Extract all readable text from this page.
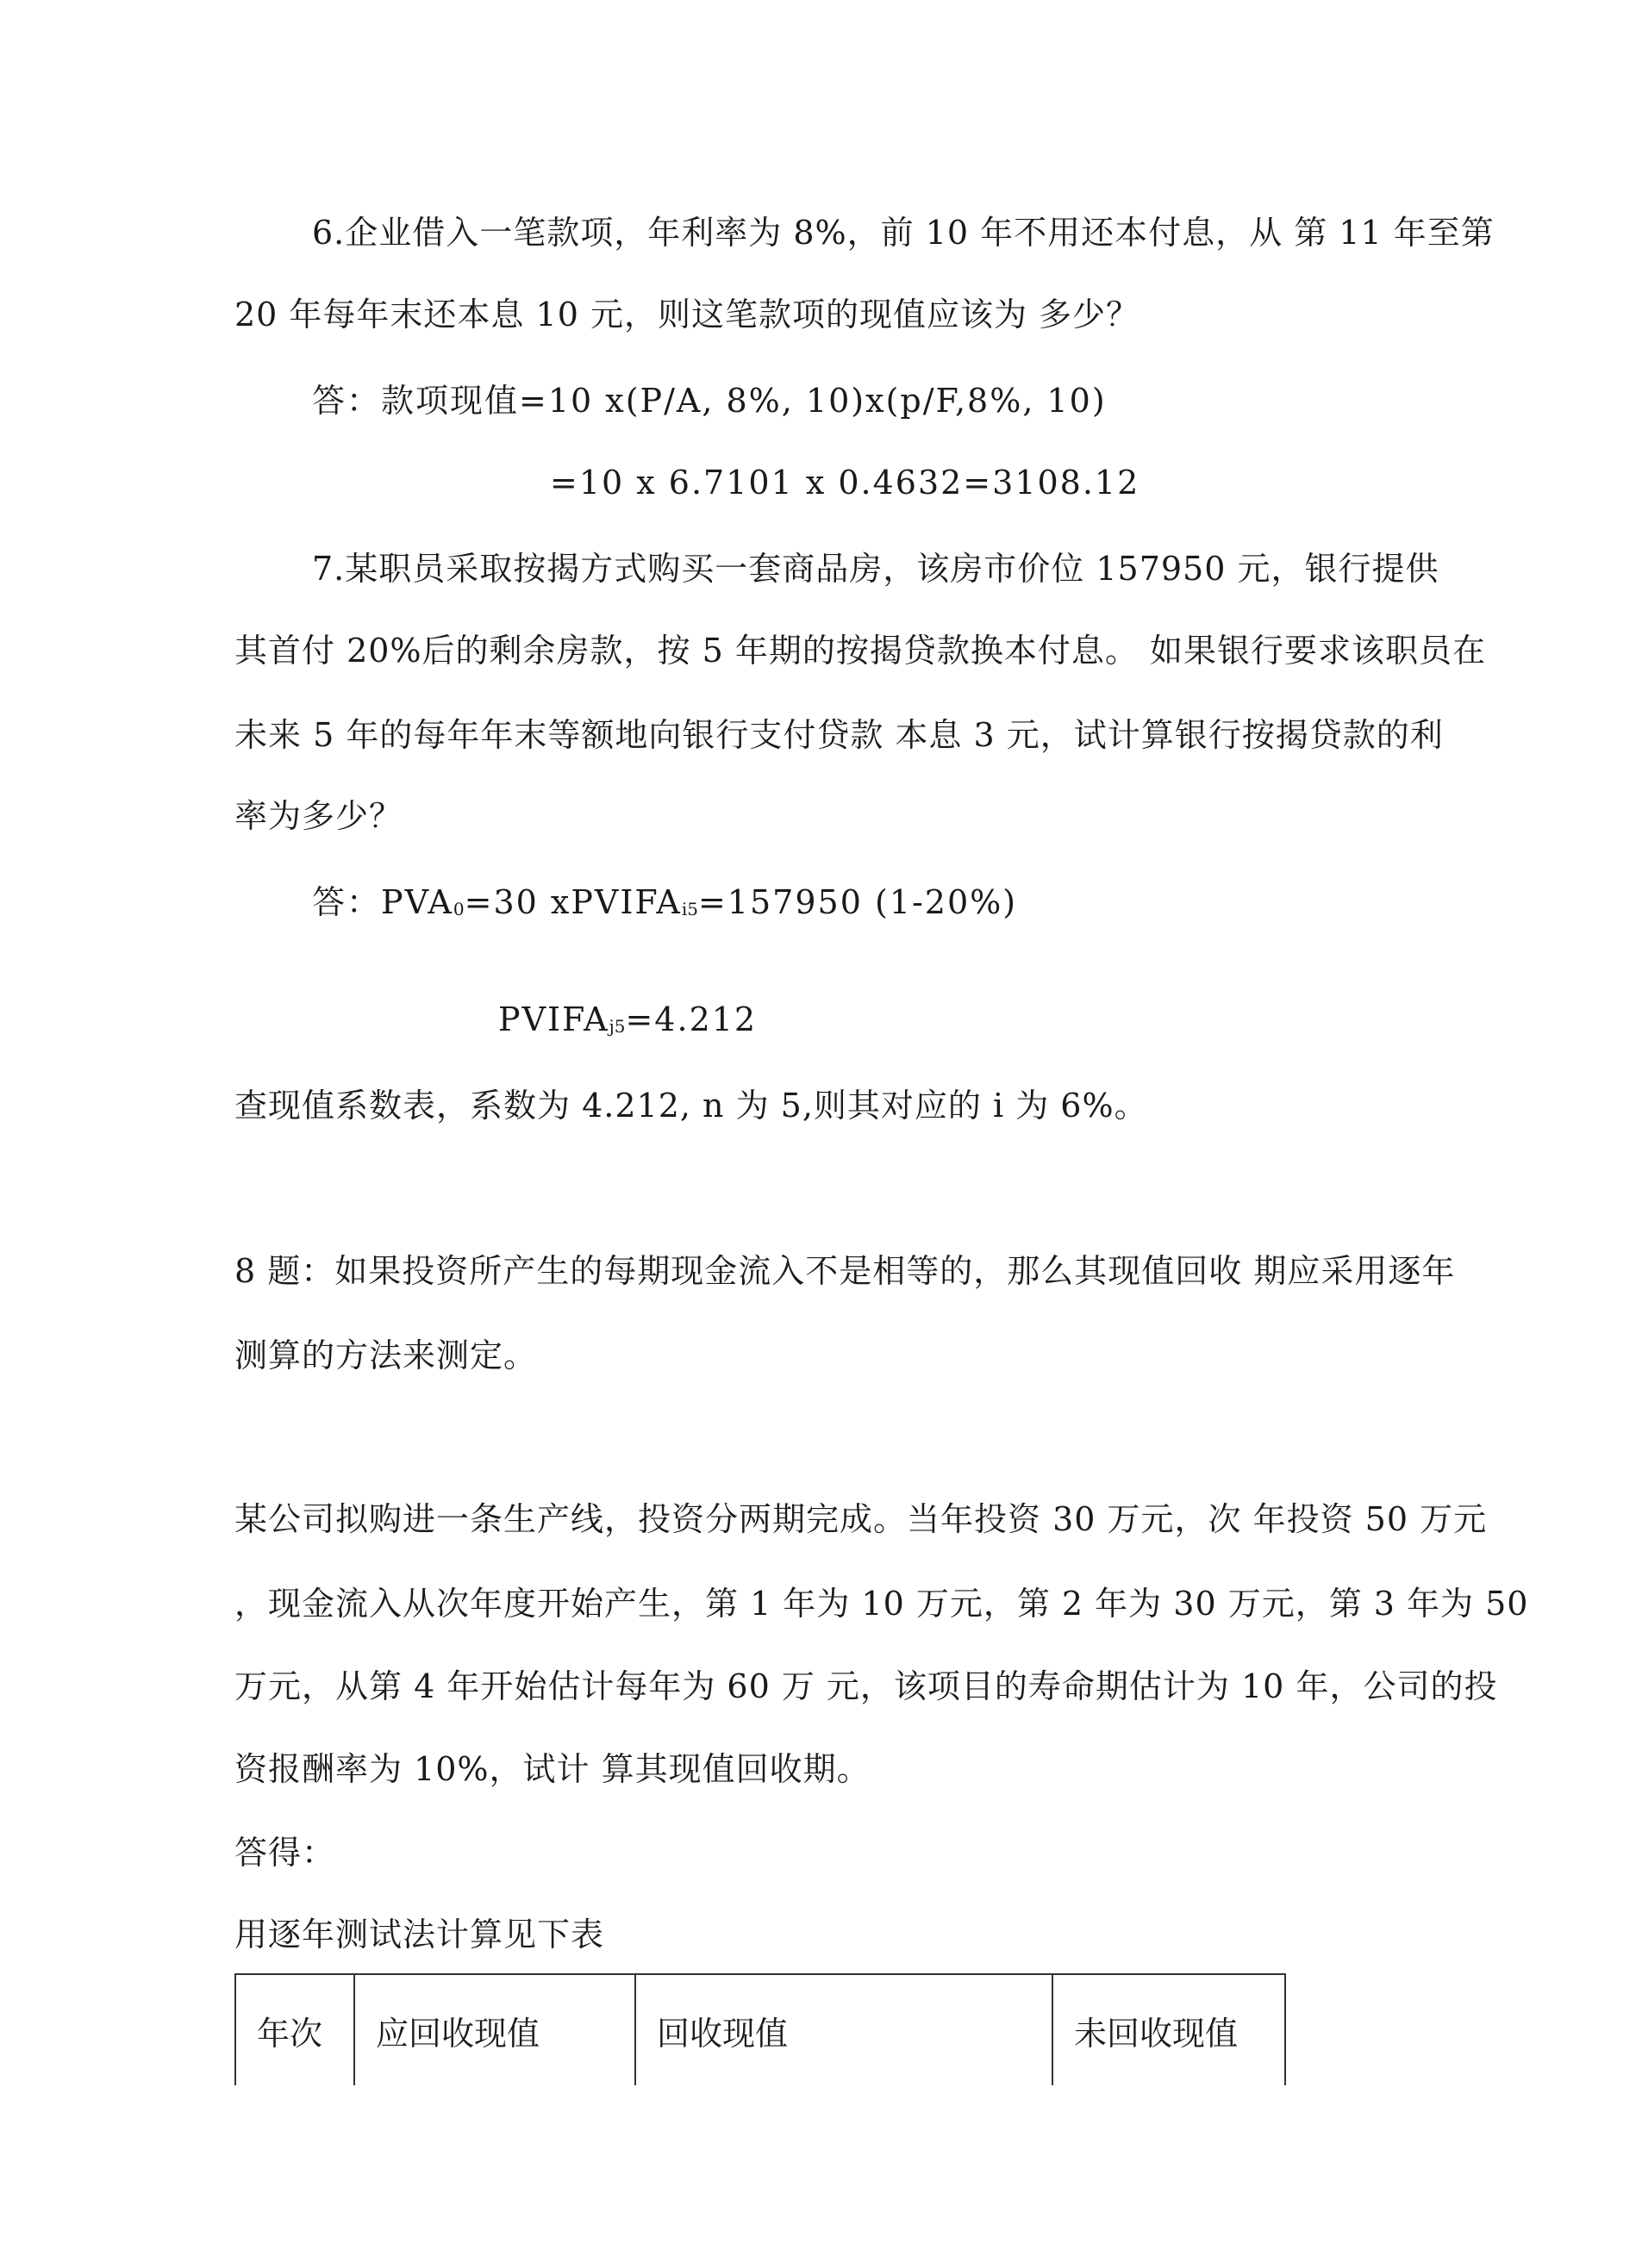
6.企业借入一笔款项，年利率为 8%，前 10 年不用还本付息，从 第 11 年至第
20 年每年末还本息 10 元，则这笔款项的现值应该为 多少？
答：款项现值=10 x(P/A, 8%, 10)x(p/F,8%, 10)
=10 x 6.7101 x 0.4632=3108.12
7.某职员采取按揭方式购买一套商品房，该房市价位 157950 元，银行提供
其首付 20%后的剩余房款，按 5 年期的按揭贷款换本付息。 如果银行要求该职员在
未来 5 年的每年年末等额地向银行支付贷款 本息 3 元，试计算银行按揭贷款的利
率为多少？
答：PVA0=30 xPVIFAi5=157950 (1-20%)
PVIFAj5=4.212
查现值系数表，系数为 4.212, n 为 5,则其对应的 i 为 6%。
8 题：如果投资所产生的每期现金流入不是相等的，那么其现值回收 期应采用逐年
测算的方法来测定。
某公司拟购进一条生产线，投资分两期完成。当年投资 30 万元，次 年投资 50 万元
，现金流入从次年度开始产生，第 1 年为 10 万元，第 2 年为 30 万元，第 3 年为 50
万元，从第 4 年开始估计每年为 60 万 元，该项目的寿命期估计为 10 年，公司的投
资报酬率为 10%，试计 算其现值回收期。
答得：
用逐年测试法计算见下表
年次	应回收现值	回收现值	未回收现值
